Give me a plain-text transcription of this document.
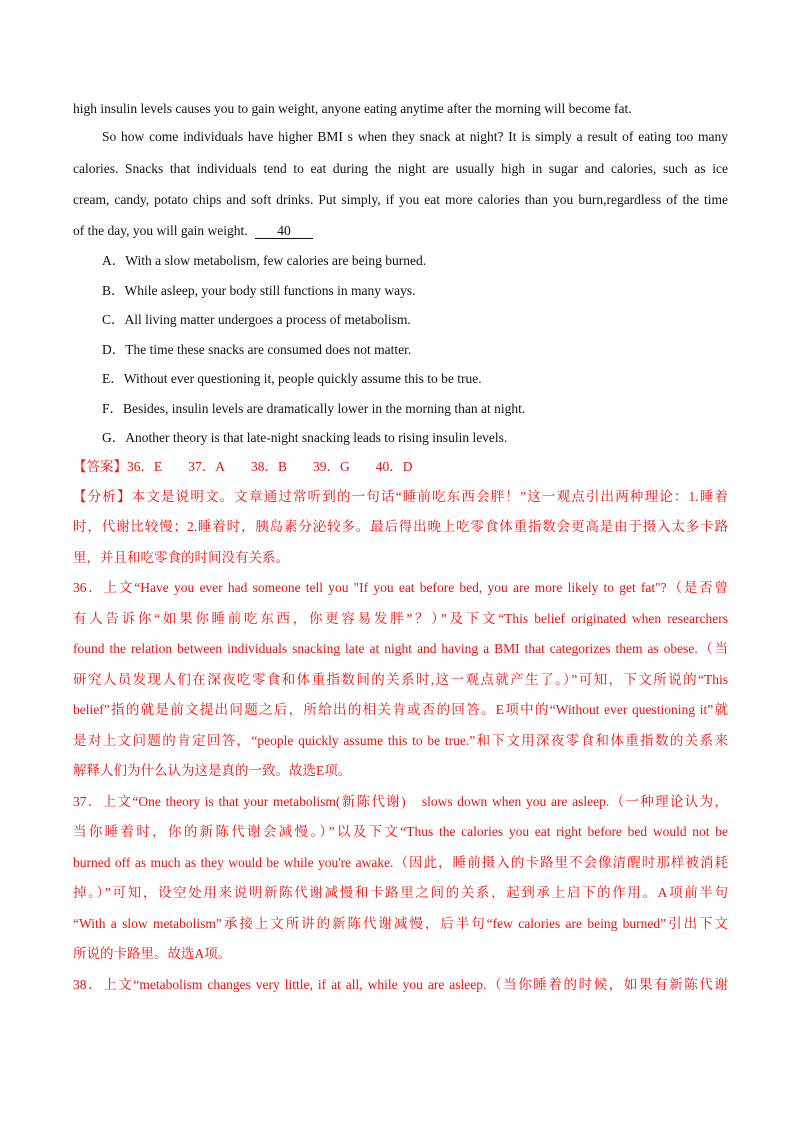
high insulin levels causes you to gain weight, anyone eating anytime after the morning will become fat.
So how come individuals have higher BMI s when they snack at night? It is simply a result of eating too many
calories. Snacks that individuals tend to eat during the night are usually high in sugar and calories, such as ice
cream, candy, potato chips and soft drinks. Put simply, if you eat more calories than you burn,regardless of the time
of the day, you will gain weight. 40
A．With a slow metabolism, few calories are being burned.
B．While asleep, your body still functions in many ways.
C．All living matter undergoes a process of metabolism.
D．The time these snacks are consumed does not matter.
E．Without ever questioning it, people quickly assume this to be true.
F．Besides, insulin levels are dramatically lower in the morning than at night.
G．Another theory is that late-night snacking leads to rising insulin levels.
【答案】36．E 37．A 38．B 39．G 40．D
【分析】本文是说明文。文章通过常听到的一句话“睡前吃东西会胖！”这一观点引出两种理论：1.睡着
时，代谢比较慢；2.睡着时，胰岛素分泌较多。最后得出晚上吃零食体重指数会更高是由于摄入太多卡路
里，并且和吃零食的时间没有关系。
36．上文“Have you ever had someone tell you "If you eat before bed, you are more likely to get fat"?（是否曾
有人告诉你“如果你睡前吃东西，你更容易发胖”？）”及下文“This belief originated when researchers
found the relation between individuals snacking late at night and having a BMI that categorizes them as obese.（当
研究人员发现人们在深夜吃零食和体重指数间的关系时,这一观点就产生了。）”可知，下文所说的“This
belief”指的就是前文提出问题之后，所给出的相关肯或否的回答。E项中的“Without ever questioning it”就
是对上文问题的肯定回答，“people quickly assume this to be true.”和下文用深夜零食和体重指数的关系来
解释人们为什么认为这是真的一致。故选E项。
37．上文“One theory is that your metabolism(新陈代谢)　slows down when you are asleep.（一种理论认为，
当你睡着时，你的新陈代谢会减慢。）”以及下文“Thus the calories you eat right before bed would not be
burned off as much as they would be while you're awake.（因此，睡前摄入的卡路里不会像清醒时那样被消耗
掉。）”可知，设空处用来说明新陈代谢减慢和卡路里之间的关系，起到承上启下的作用。A项前半句
“With a slow metabolism”承接上文所讲的新陈代谢减慢，后半句“few calories are being burned”引出下文
所说的卡路里。故选A项。
38．上文“metabolism changes very little, if at all, while you are asleep.（当你睡着的时候，如果有新陈代谢
